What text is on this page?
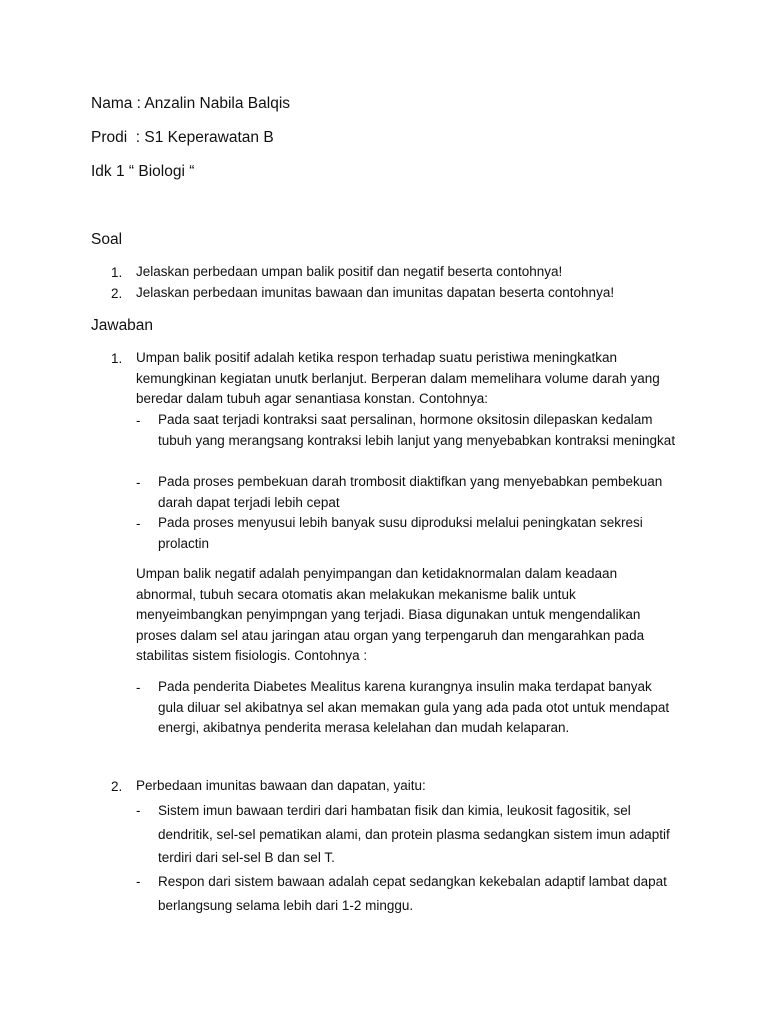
Nama : Anzalin Nabila Balqis
Prodi  : S1 Keperawatan B
Idk 1 “ Biologi “
Soal
1.	Jelaskan perbedaan umpan balik positif dan negatif beserta contohnya!

2.	Jelaskan perbedaan imunitas bawaan dan imunitas dapatan beserta contohnya!

Jawaban
1.	Umpan balik positif adalah ketika respon terhadap suatu peristiwa meningkatkan kemungkinan kegiatan unutk berlanjut. Berperan dalam memelihara volume darah yang beredar dalam tubuh agar senantiasa konstan. Contohnya:

-	Pada saat terjadi kontraksi saat persalinan, hormone oksitosin dilepaskan kedalam tubuh yang merangsang kontraksi lebih lanjut yang menyebabkan kontraksi meningkat

-	Pada proses pembekuan darah trombosit diaktifkan yang menyebabkan pembekuan darah dapat terjadi lebih cepat

-	Pada proses menyusui lebih banyak susu diproduksi melalui peningkatan sekresi prolactin

Umpan balik negatif adalah penyimpangan dan ketidaknormalan dalam keadaan abnormal, tubuh secara otomatis akan melakukan mekanisme balik untuk menyeimbangkan penyimpngan yang terjadi. Biasa digunakan untuk mengendalikan proses dalam sel atau jaringan atau organ yang terpengaruh dan mengarahkan pada stabilitas sistem fisiologis. Contohnya :

-	Pada penderita Diabetes Mealitus karena kurangnya insulin maka terdapat banyak gula diluar sel akibatnya sel akan memakan gula yang ada pada otot untuk mendapat energi, akibatnya penderita merasa kelelahan dan mudah kelaparan.

2.	Perbedaan imunitas bawaan dan dapatan, yaitu:

-	Sistem imun bawaan terdiri dari hambatan fisik dan kimia, leukosit fagositik, sel dendritik, sel-sel pematikan alami, dan protein plasma sedangkan sistem imun adaptif terdiri dari sel-sel B dan sel T.

-	Respon dari sistem bawaan adalah cepat sedangkan kekebalan adaptif lambat dapat berlangsung selama lebih dari 1-2 minggu.
